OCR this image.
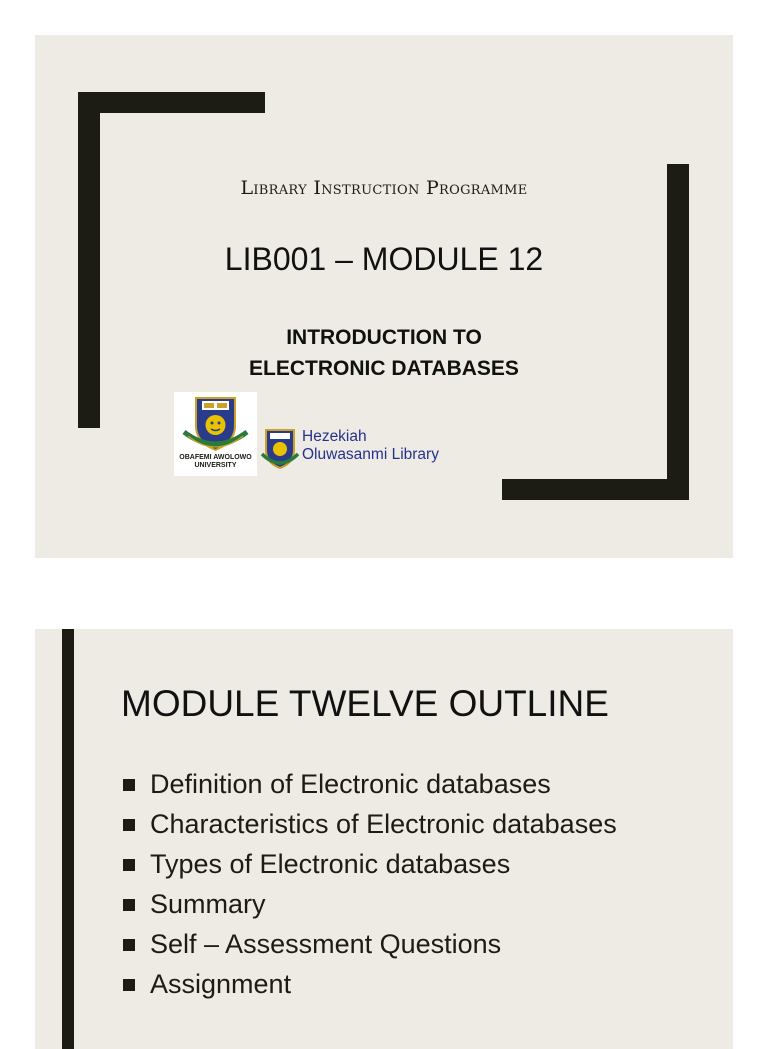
Library Instruction Programme
LIB001 – MODULE 12
INTRODUCTION TO
ELECTRONIC DATABASES
OBAFEMI AWOLOWO
UNIVERSITY
Hezekiah
Oluwasanmi Library
MODULE TWELVE OUTLINE
Definition of Electronic databases
Characteristics of Electronic databases
Types of Electronic databases
Summary
Self – Assessment Questions
Assignment
